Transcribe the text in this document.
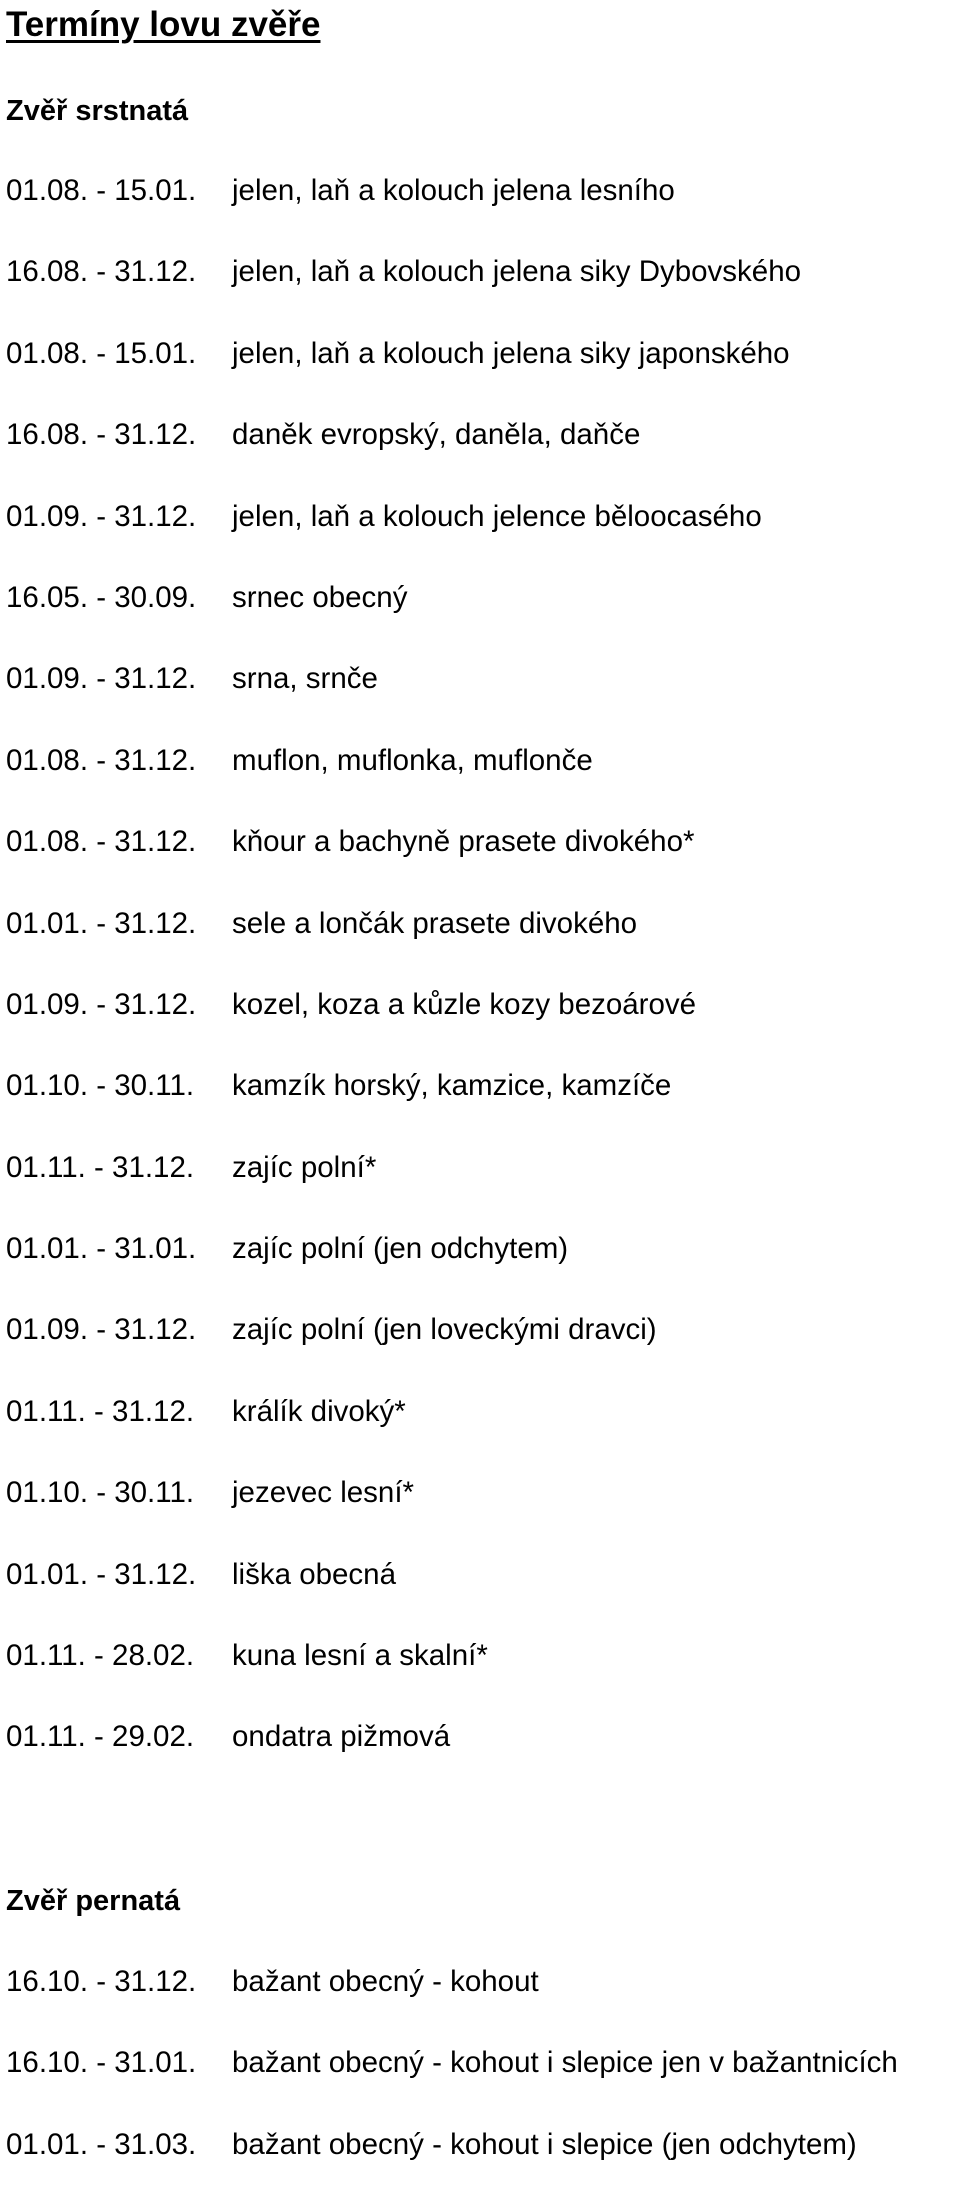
Termíny lovu zvěře
Zvěř srstnatá
01.08. - 15.01.	jelen, laň a kolouch jelena lesního
16.08. - 31.12.	jelen, laň a kolouch jelena siky Dybovského
01.08. - 15.01.	jelen, laň a kolouch jelena siky japonského
16.08. - 31.12.	daněk evropský, daněla, daňče
01.09. - 31.12.	jelen, laň a kolouch jelence běloocasého
16.05. - 30.09.	srnec obecný
01.09. - 31.12.	srna, srnče
01.08. - 31.12.	muflon, muflonka, muflonče
01.08. - 31.12.	kňour a bachyně prasete divokého*
01.01. - 31.12.	sele a lončák prasete divokého
01.09. - 31.12.	kozel, koza a kůzle kozy bezoárové
01.10. - 30.11.	kamzík horský, kamzice, kamzíče
01.11. - 31.12.	zajíc polní*
01.01. - 31.01.	zajíc polní (jen odchytem)
01.09. - 31.12.	zajíc polní (jen loveckými dravci)
01.11. - 31.12.	králík divoký*
01.10. - 30.11.	jezevec lesní*
01.01. - 31.12.	liška obecná
01.11. - 28.02.	kuna lesní a skalní*
01.11. - 29.02.	ondatra pižmová
Zvěř pernatá
16.10. - 31.12.	bažant obecný - kohout
16.10. - 31.01.	bažant obecný - kohout i slepice jen v bažantnicích
01.01. - 31.03.	bažant obecný - kohout i slepice (jen odchytem)
